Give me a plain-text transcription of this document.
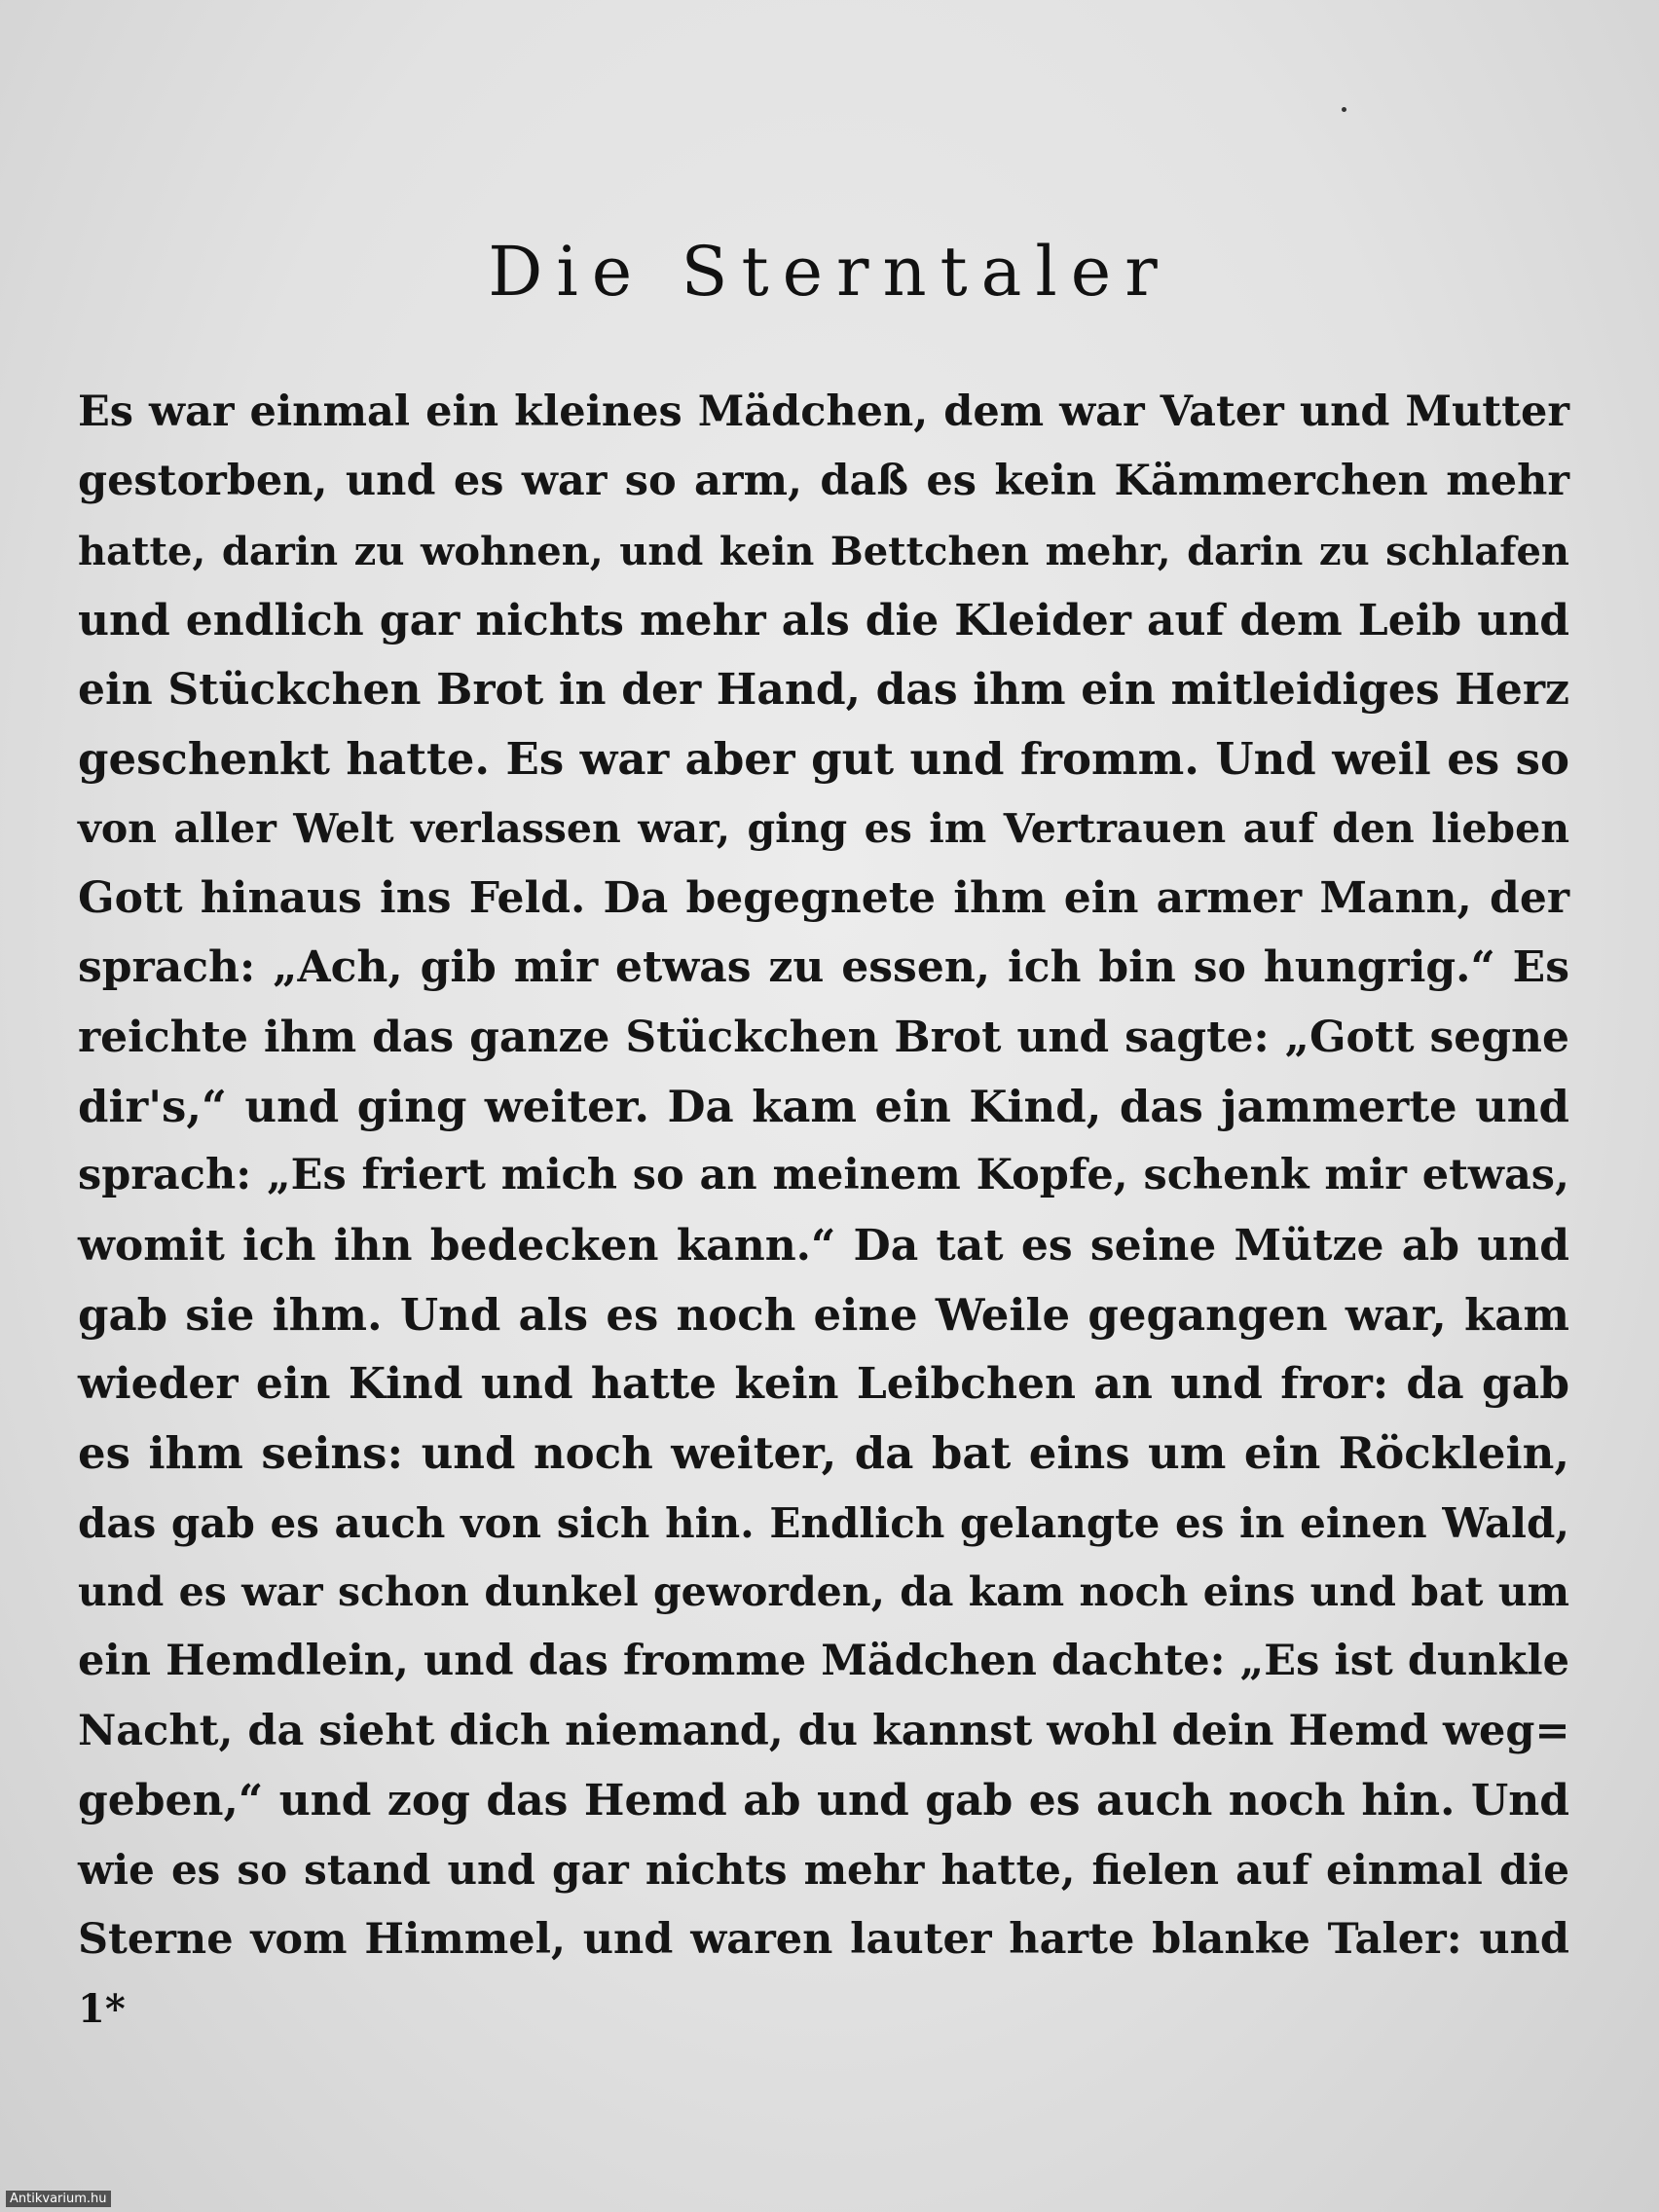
Die Sterntaler
Es war einmal ein kleines Mädchen, dem war Vater und Mutter
gestorben, und es war so arm, daß es kein Kämmerchen mehr
hatte, darin zu wohnen, und kein Bettchen mehr, darin zu schlafen
und endlich gar nichts mehr als die Kleider auf dem Leib und
ein Stückchen Brot in der Hand, das ihm ein mitleidiges Herz
geschenkt hatte. Es war aber gut und fromm. Und weil es so
von aller Welt verlassen war, ging es im Vertrauen auf den lieben
Gott hinaus ins Feld. Da begegnete ihm ein armer Mann, der
sprach: „Ach, gib mir etwas zu essen, ich bin so hungrig.“ Es
reichte ihm das ganze Stückchen Brot und sagte: „Gott segne
dir's,“ und ging weiter. Da kam ein Kind, das jammerte und
sprach: „Es friert mich so an meinem Kopfe, schenk mir etwas,
womit ich ihn bedecken kann.“ Da tat es seine Mütze ab und
gab sie ihm. Und als es noch eine Weile gegangen war, kam
wieder ein Kind und hatte kein Leibchen an und fror: da gab
es ihm seins: und noch weiter, da bat eins um ein Röcklein,
das gab es auch von sich hin. Endlich gelangte es in einen Wald,
und es war schon dunkel geworden, da kam noch eins und bat um
ein Hemdlein, und das fromme Mädchen dachte: „Es ist dunkle
Nacht, da sieht dich niemand, du kannst wohl dein Hemd weg=
geben,“ und zog das Hemd ab und gab es auch noch hin. Und
wie es so stand und gar nichts mehr hatte, fielen auf einmal die
Sterne vom Himmel, und waren lauter harte blanke Taler: und
1*
Antikvarium.hu
